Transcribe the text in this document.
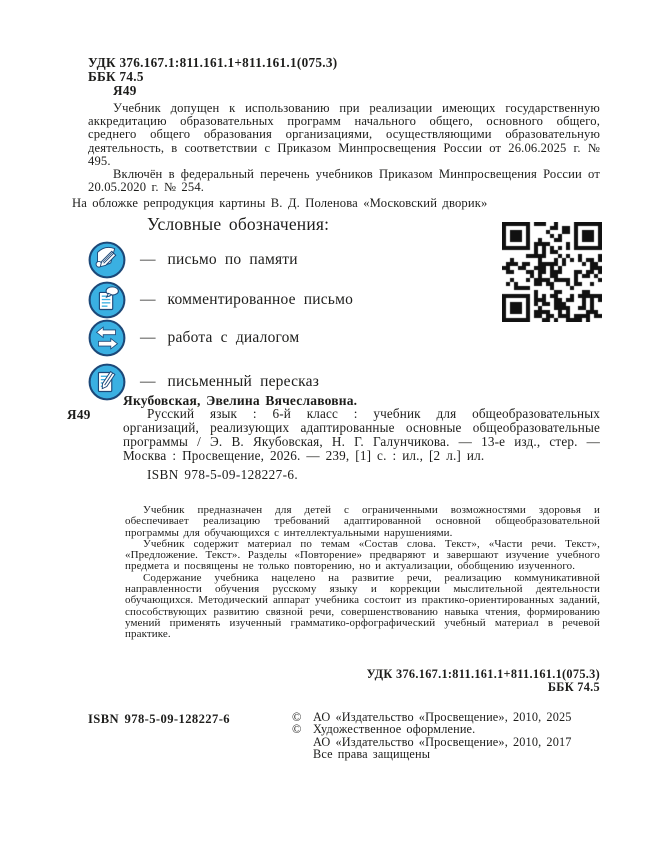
УДК 376.167.1:811.161.1+811.161.1(075.3)
ББК 74.5
Я49
Учебник допущен к использованию при реализации имеющих государственную аккредитацию образовательных программ начального общего, основного общего, среднего общего образования организациями, осуществляющими образовательную деятельность, в соответствии с Приказом Минпросвещения России от 26.06.2025 г. № 495.
Включён в федеральный перечень учебников Приказом Минпросвещения России от 20.05.2020 г. № 254.
На обложке репродукция картины В. Д. Поленова «Московский дворик»
Условные обозначения:
— письмо по памяти
— комментированное письмо
— работа с диалогом
— письменный пересказ
Якубовская, Эвелина Вячеславовна.
Я49	Русский язык : 6-й класс : учебник для общеобразовательных организаций, реализующих адаптированные основные общеобразовательные программы / Э. В. Якубовская, Н. Г. Галунчикова. — 13-е изд., стер. — Москва : Просвещение, 2026. — 239, [1] с. : ил., [2 л.] ил.

ISBN 978-5-09-128227-6.

Учебник предназначен для детей с ограниченными возможностями здоровья и обеспечивает реализацию требований адаптированной основной общеобразовательной программы для обучающихся с интеллектуальными нарушениями.

Учебник содержит материал по темам «Состав слова. Текст», «Части речи. Текст», «Предложение. Текст». Разделы «Повторение» предваряют и завершают изучение учебного предмета и посвящены не только повторению, но и актуализации, обобщению изученного.

Содержание учебника нацелено на развитие речи, реализацию коммуникативной направленности обучения русскому языку и коррекции мыслительной деятельности обучающихся. Методический аппарат учебника состоит из практико-ориентированных заданий, способствующих развитию связной речи, совершенствованию навыка чтения, формированию умений применять изученный грамматико-орфографический учебный материал в речевой практике.

УДК 376.167.1:811.161.1+811.161.1(075.3)
ББК 74.5
ISBN 978-5-09-128227-6	© АО «Издательство «Просвещение», 2010, 2025
© Художественное оформление.
АО «Издательство «Просвещение», 2010, 2017
Все права защищены
